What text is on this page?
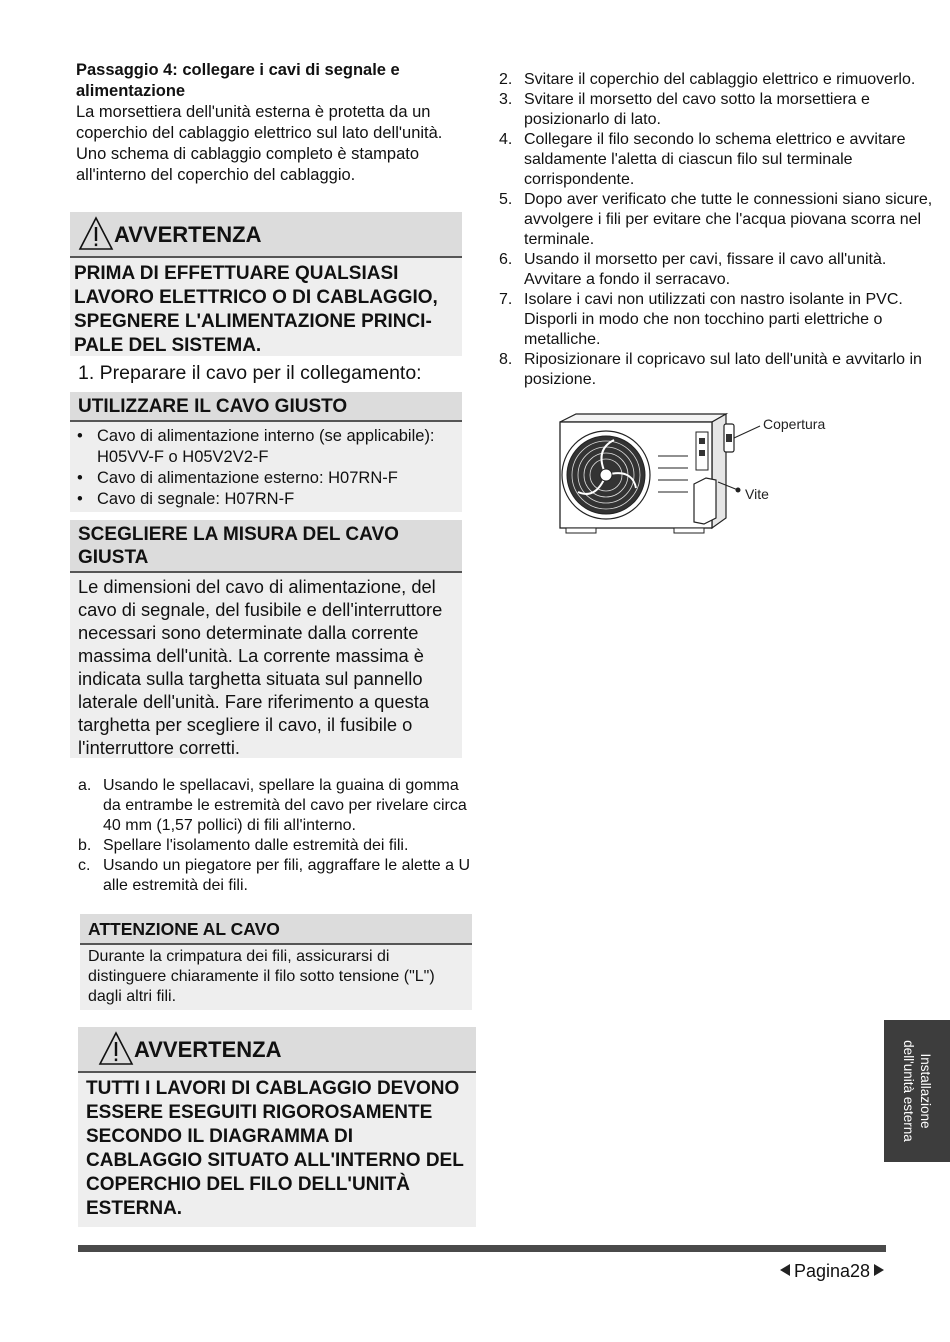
Passaggio 4: collegare i cavi di segnale e alimentazione

La morsettiera dell'unità esterna è protetta da un coperchio del cablaggio elettrico sul lato dell'unità.

Uno schema di cablaggio completo è stampato all'interno del coperchio del cablaggio.

AVVERTENZA
PRIMA DI EFFETTUARE QUALSIASI LAVORO ELETTRICO O DI CABLAGGIO, SPEGNERE L'ALIMENTAZIONE PRINCI-PALE DEL SISTEMA.
1. Preparare il cavo per il collegamento:
UTILIZZARE IL CAVO GIUSTO
• Cavo di alimentazione interno (se applicabile): H05VV-F o H05V2V2-F
• Cavo di alimentazione esterno: H07RN-F
• Cavo di segnale: H07RN-F
SCEGLIERE LA MISURA DEL CAVO GIUSTA
Le dimensioni del cavo di alimentazione, del cavo di segnale, del fusibile e dell'interruttore necessari sono determinate dalla corrente massima dell'unità. La corrente massima è indicata sulla targhetta situata sul pannello laterale dell'unità. Fare riferimento a questa targhetta per scegliere il cavo, il fusibile o l'interruttore corretti.
a. Usando le spellacavi, spellare la guaina di gomma da entrambe le estremità del cavo per rivelare circa 40 mm (1,57 pollici) di fili all'interno.
b. Spellare l'isolamento dalle estremità dei fili.
c. Usando un piegatore per fili, aggraffare le alette a U alle estremità dei fili.
ATTENZIONE AL CAVO
Durante la crimpatura dei fili, assicurarsi di distinguere chiaramente il filo sotto tensione ("L") dagli altri fili.
AVVERTENZA
TUTTI I LAVORI DI CABLAGGIO DEVONO ESSERE ESEGUITI RIGOROSAMENTE SECONDO IL DIAGRAMMA DI CABLAGGIO SITUATO ALL'INTERNO DEL COPERCHIO DEL FILO DELL'UNITÀ ESTERNA.
2. Svitare il coperchio del cablaggio elettrico e rimuoverlo.
3. Svitare il morsetto del cavo sotto la morsettiera e posizionarlo di lato.
4. Collegare il filo secondo lo schema elettrico e avvitare saldamente l'aletta di ciascun filo sul terminale corrispondente.
5. Dopo aver verificato che tutte le connessioni siano sicure, avvolgere i fili per evitare che l'acqua piovana scorra nel terminale.
6. Usando il morsetto per cavi, fissare il cavo all'unità. Avvitare a fondo il serracavo.
7. Isolare i cavi non utilizzati con nastro isolante in PVC. Disporli in modo che non tocchino parti elettriche o metalliche.
8. Riposizionare il copricavo sul lato dell'unità e avvitarlo in posizione.
Copertura
Vite
Installazione
dell'unità esterna
Pagina28
